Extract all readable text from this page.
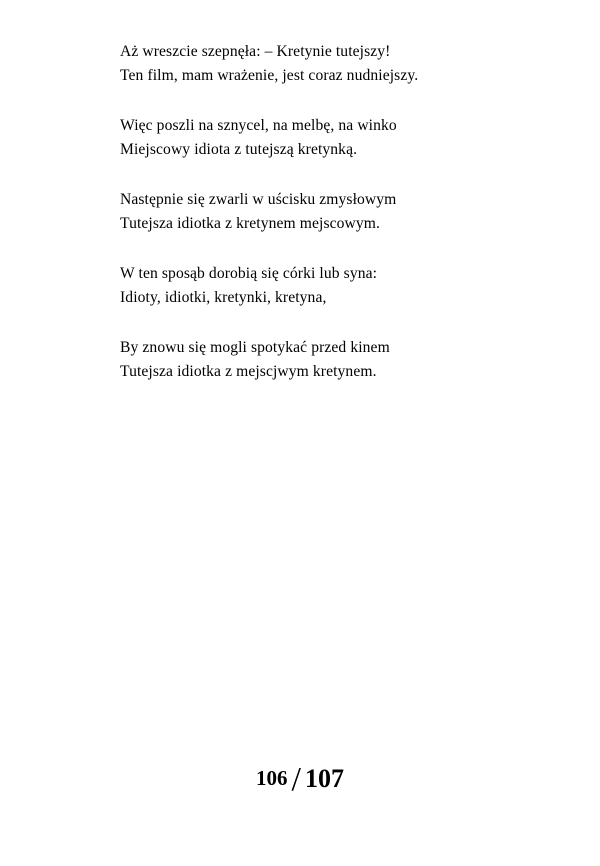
Aż wreszcie szepnęła: – Kretynie tutejszy!
Ten film, mam wrażenie, jest coraz nudniejszy.
Więc poszli na sznycel, na melbę, na winko
Miejscowy idiota z tutejszą kretynką.
Następnie się zwarli w uścisku zmysłowym
Tutejsza idiotka z kretynem mejscowym.
W ten sposąb dorobią się córki lub syna:
Idioty, idiotki, kretynki, kretyna,
By znowu się mogli spotykać przed kinem
Tutejsza idiotka z mejscjwym kretynem.
106 / 107
